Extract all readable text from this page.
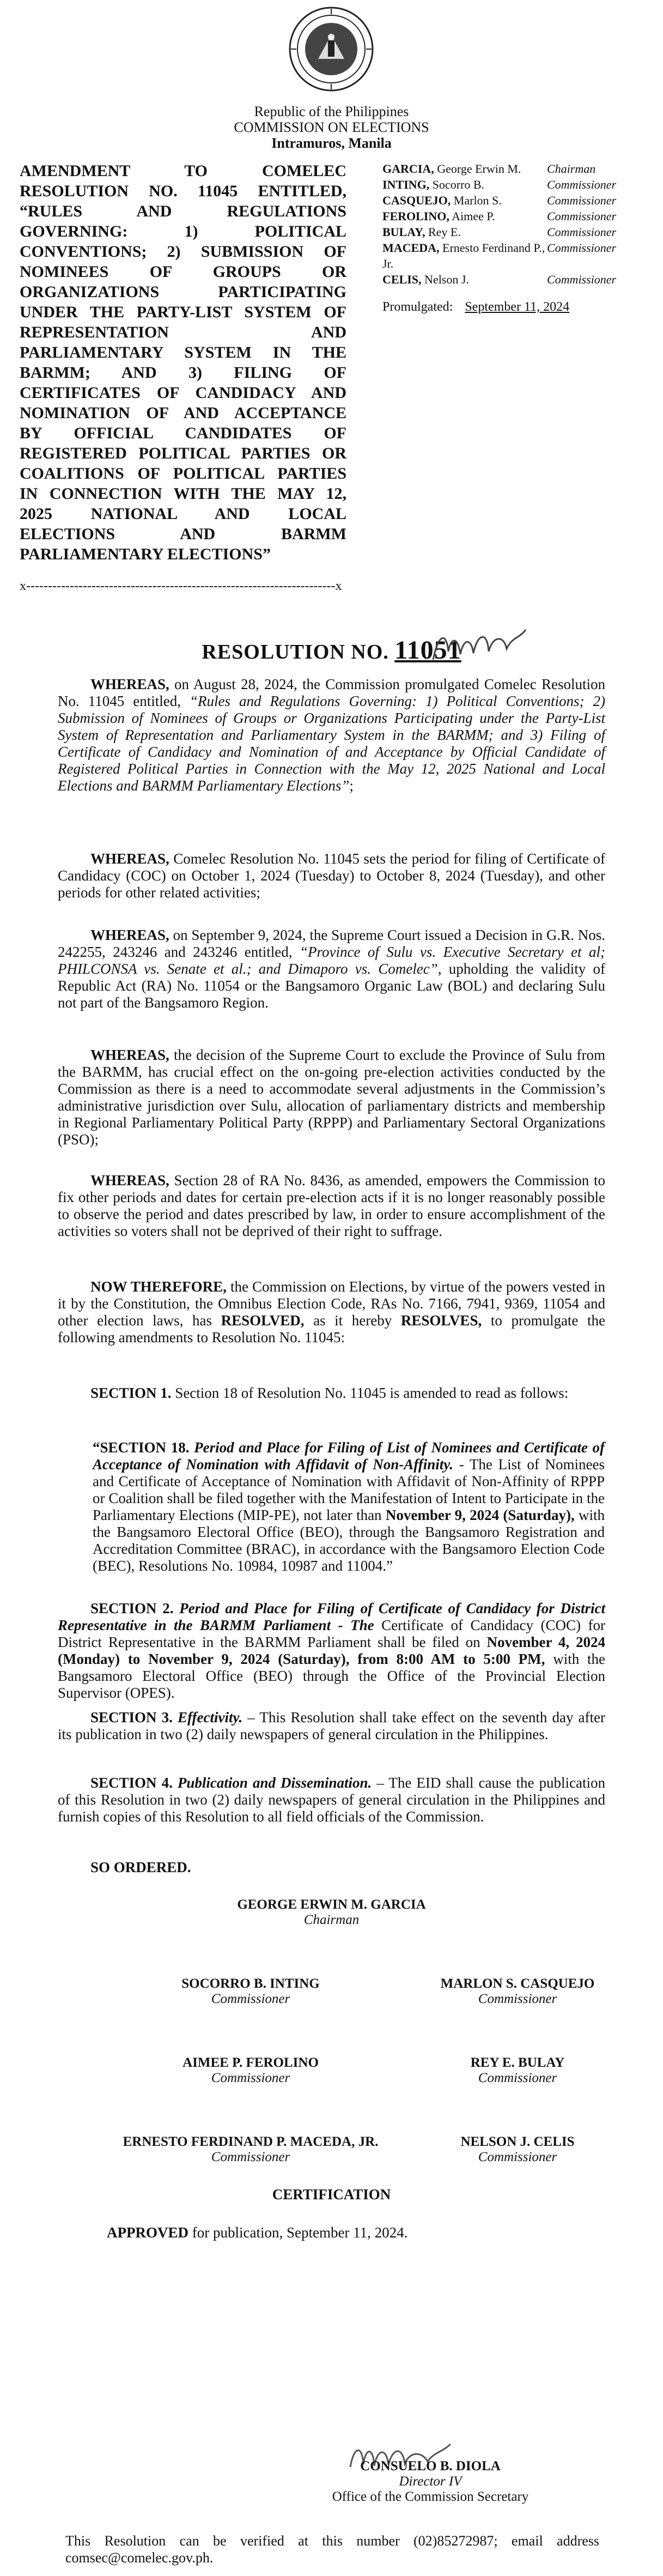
Republic of the Philippines
COMMISSION ON ELECTIONS
Intramuros, Manila
AMENDMENT TO COMELEC
RESOLUTION NO. 11045 ENTITLED,
“RULES AND REGULATIONS
GOVERNING: 1) POLITICAL
CONVENTIONS; 2) SUBMISSION OF
NOMINEES OF GROUPS OR
ORGANIZATIONS PARTICIPATING
UNDER THE PARTY-LIST SYSTEM OF
REPRESENTATION AND
PARLIAMENTARY SYSTEM IN THE
BARMM; AND 3) FILING OF
CERTIFICATES OF CANDIDACY AND
NOMINATION OF AND ACCEPTANCE
BY OFFICIAL CANDIDATES OF
REGISTERED POLITICAL PARTIES OR
COALITIONS OF POLITICAL PARTIES
IN CONNECTION WITH THE MAY 12,
2025 NATIONAL AND LOCAL
ELECTIONS AND BARMM
PARLIAMENTARY ELECTIONS”
x-----------------------------------------------------------------------x
GARCIA, George Erwin M.	Chairman
INTING, Socorro B.	Commissioner
CASQUEJO, Marlon S.	Commissioner
FEROLINO, Aimee P.	Commissioner
BULAY, Rey E.	Commissioner
MACEDA, Ernesto Ferdinand P., Jr.
Commissioner
CELIS, Nelson J.	Commissioner
Promulgated: September 11, 2024
RESOLUTION NO. 11051
WHEREAS, on August 28, 2024, the Commission promulgated Comelec Resolution No. 11045 entitled, “Rules and Regulations Governing: 1) Political Conventions; 2) Submission of Nominees of Groups or Organizations Participating under the Party-List System of Representation and Parliamentary System in the BARMM; and 3) Filing of Certificate of Candidacy and Nomination of and Acceptance by Official Candidate of Registered Political Parties in Connection with the May 12, 2025 National and Local Elections and BARMM Parliamentary Elections”;
WHEREAS, Comelec Resolution No. 11045 sets the period for filing of Certificate of Candidacy (COC) on October 1, 2024 (Tuesday) to October 8, 2024 (Tuesday), and other periods for other related activities;
WHEREAS, on September 9, 2024, the Supreme Court issued a Decision in G.R. Nos. 242255, 243246 and 243246 entitled, “Province of Sulu vs. Executive Secretary et al; PHILCONSA vs. Senate et al.; and Dimaporo vs. Comelec”, upholding the validity of Republic Act (RA) No. 11054 or the Bangsamoro Organic Law (BOL) and declaring Sulu not part of the Bangsamoro Region.
WHEREAS, the decision of the Supreme Court to exclude the Province of Sulu from the BARMM, has crucial effect on the on-going pre-election activities conducted by the Commission as there is a need to accommodate several adjustments in the Commission’s administrative jurisdiction over Sulu, allocation of parliamentary districts and membership in Regional Parliamentary Political Party (RPPP) and Parliamentary Sectoral Organizations (PSO);
WHEREAS, Section 28 of RA No. 8436, as amended, empowers the Commission to fix other periods and dates for certain pre-election acts if it is no longer reasonably possible to observe the period and dates prescribed by law, in order to ensure accomplishment of the activities so voters shall not be deprived of their right to suffrage.
NOW THEREFORE, the Commission on Elections, by virtue of the powers vested in it by the Constitution, the Omnibus Election Code, RAs No. 7166, 7941, 9369, 11054 and other election laws, has RESOLVED, as it hereby RESOLVES, to promulgate the following amendments to Resolution No. 11045:
SECTION 1. Section 18 of Resolution No. 11045 is amended to read as follows:
“SECTION 18. Period and Place for Filing of List of Nominees and Certificate of Acceptance of Nomination with Affidavit of Non-Affinity. - The List of Nominees and Certificate of Acceptance of Nomination with Affidavit of Non-Affinity of RPPP or Coalition shall be filed together with the Manifestation of Intent to Participate in the Parliamentary Elections (MIP-PE), not later than November 9, 2024 (Saturday), with the Bangsamoro Electoral Office (BEO), through the Bangsamoro Registration and Accreditation Committee (BRAC), in accordance with the Bangsamoro Election Code (BEC), Resolutions No. 10984, 10987 and 11004.”
SECTION 2. Period and Place for Filing of Certificate of Candidacy for District Representative in the BARMM Parliament - The Certificate of Candidacy (COC) for District Representative in the BARMM Parliament shall be filed on November 4, 2024 (Monday) to November 9, 2024 (Saturday), from 8:00 AM to 5:00 PM, with the Bangsamoro Electoral Office (BEO) through the Office of the Provincial Election Supervisor (OPES).
SECTION 3. Effectivity. – This Resolution shall take effect on the seventh day after its publication in two (2) daily newspapers of general circulation in the Philippines.
SECTION 4. Publication and Dissemination. – The EID shall cause the publication of this Resolution in two (2) daily newspapers of general circulation in the Philippines and furnish copies of this Resolution to all field officials of the Commission.
SO ORDERED.
GEORGE ERWIN M. GARCIA
Chairman
SOCORRO B. INTING
Commissioner
MARLON S. CASQUEJO
Commissioner
AIMEE P. FEROLINO
Commissioner
REY E. BULAY
Commissioner
ERNESTO FERDINAND P. MACEDA, JR.
Commissioner
NELSON J. CELIS
Commissioner
CERTIFICATION
APPROVED for publication, September 11, 2024.
CONSUELO B. DIOLA
Director IV
Office of the Commission Secretary
This Resolution can be verified at this number (02)85272987; email address comsec@comelec.gov.ph.
